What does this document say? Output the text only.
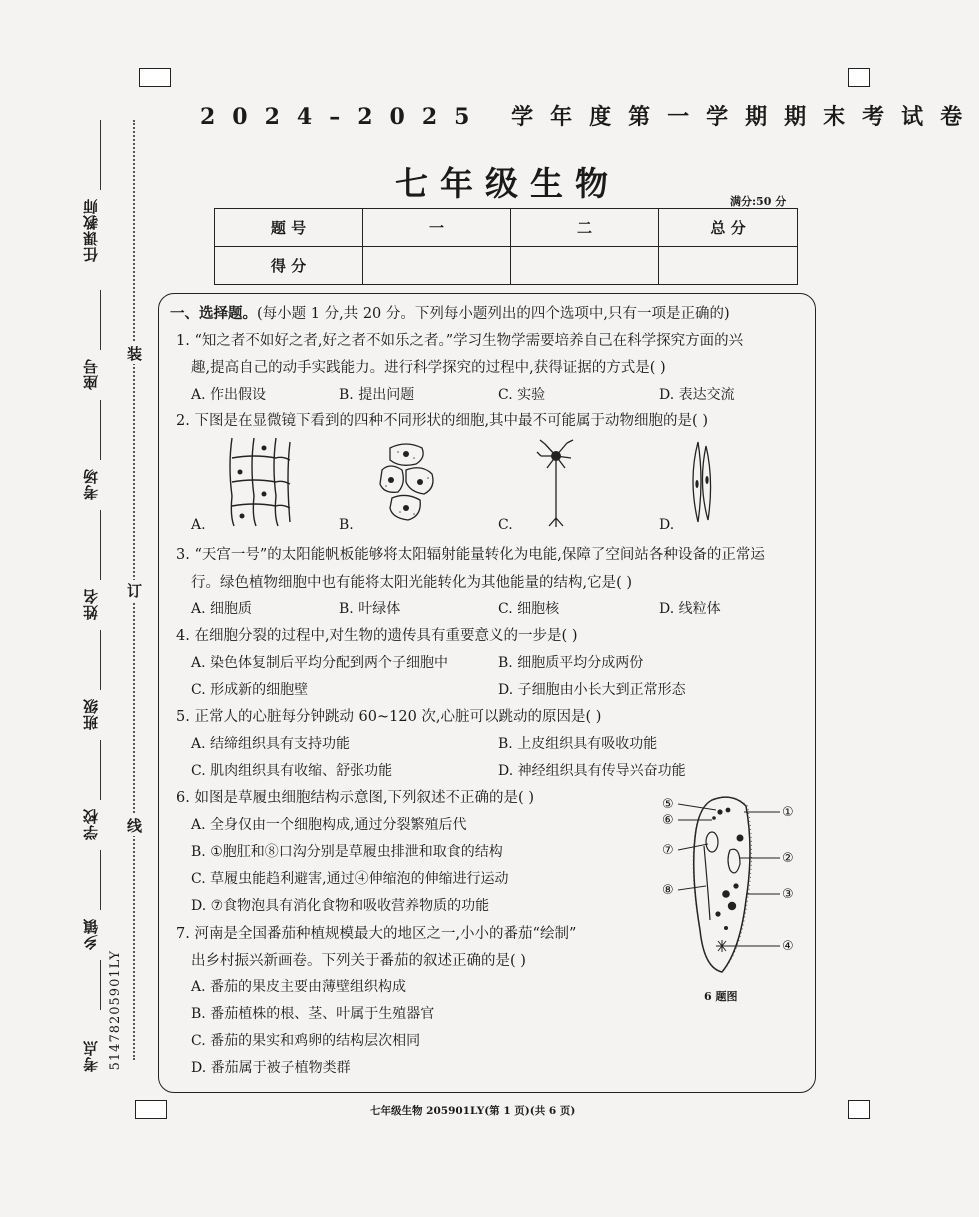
任课教师
座号
考场
姓名
班级
学校
乡镇
考点 51478205901LY
装
订
线
2024–2025 学年度第一学期期末考试卷
七年级生物	满分:50 分
题 号	一	二	总 分
得 分			
一、选择题。(每小题 1 分,共 20 分。下列每小题列出的四个选项中,只有一项是正确的)
1. “知之者不如好之者,好之者不如乐之者。”学习生物学需要培养自己在科学探究方面的兴
趣,提高自己的动手实践能力。进行科学探究的过程中,获得证据的方式是( )
A. 作出假设	B. 提出问题	C. 实验	D. 表达交流
2. 下图是在显微镜下看到的四种不同形状的细胞,其中最不可能属于动物细胞的是( )
A.	B.	C.	D.
3. “天宫一号”的太阳能帆板能够将太阳辐射能量转化为电能,保障了空间站各种设备的正常运
行。绿色植物细胞中也有能将太阳光能转化为其他能量的结构,它是( )
A. 细胞质	B. 叶绿体	C. 细胞核	D. 线粒体
4. 在细胞分裂的过程中,对生物的遗传具有重要意义的一步是( )
A. 染色体复制后平均分配到两个子细胞中	B. 细胞质平均分成两份
C. 形成新的细胞壁	D. 子细胞由小长大到正常形态
5. 正常人的心脏每分钟跳动 60~120 次,心脏可以跳动的原因是( )
A. 结缔组织具有支持功能	B. 上皮组织具有吸收功能
C. 肌肉组织具有收缩、舒张功能	D. 神经组织具有传导兴奋功能
6. 如图是草履虫细胞结构示意图,下列叙述不正确的是( )
A. 全身仅由一个细胞构成,通过分裂繁殖后代
B. ①胞肛和⑧口沟分别是草履虫排泄和取食的结构
C. 草履虫能趋利避害,通过④伸缩泡的伸缩进行运动
D. ⑦食物泡具有消化食物和吸收营养物质的功能
⑤
⑥
⑦
⑧
①
②
③
④
6 题图
7. 河南是全国番茄种植规模最大的地区之一,小小的番茄“绘制”
出乡村振兴新画卷。下列关于番茄的叙述正确的是( )
A. 番茄的果皮主要由薄壁组织构成
B. 番茄植株的根、茎、叶属于生殖器官
C. 番茄的果实和鸡卵的结构层次相同
D. 番茄属于被子植物类群
七年级生物 205901LY(第 1 页)(共 6 页)
